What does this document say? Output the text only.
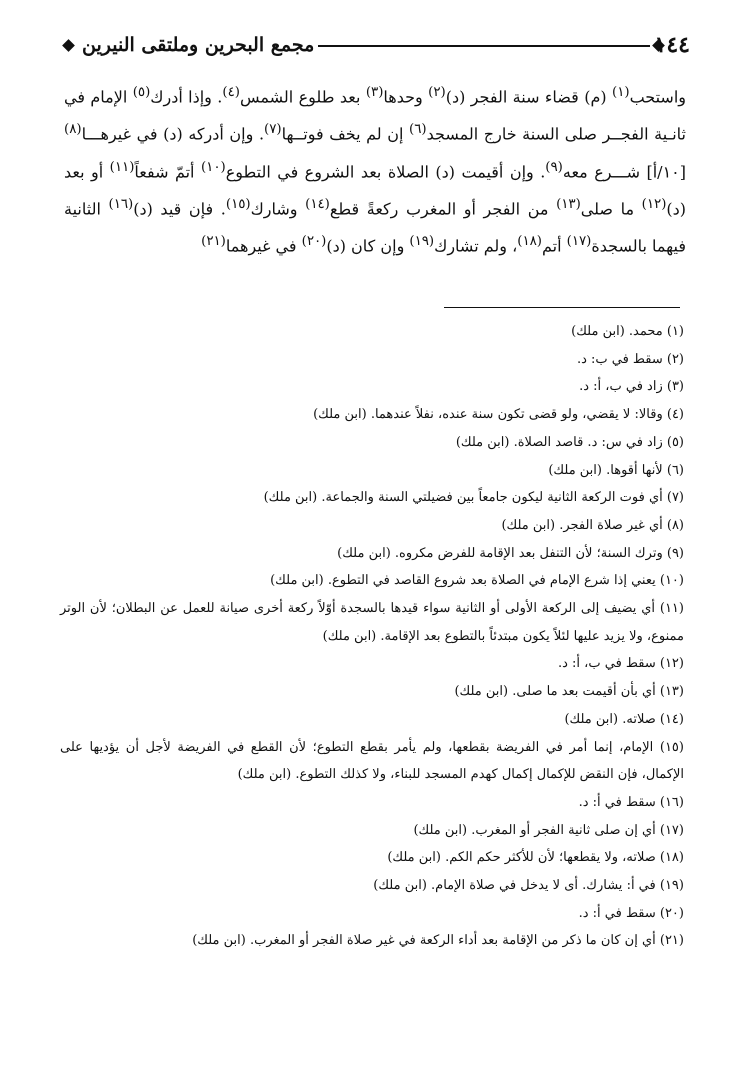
مجمع البحرين وملتقى النيرين	١٤٤

واستحب$^{(١)}$ (م) قضاء سنة الفجر (د)$^{(٢)}$ وحدها$^{(٣)}$ بعد طلوع الشمس$^{(٤)}$. وإذا أدرك$^{(٥)}$ الإمام في ثانـية الفجــر صلى السنة خارج المسجد$^{(٦)}$ إن لم يخف فوتــها$^{(٧)}$. وإن أدركه (د) في غيرهـــا$^{(٨)}$ [١٠/أ] شـــرع معه$^{(٩)}$. وإن أقيمت (د) الصلاة بعد الشروع في التطوع$^{(١٠)}$ أتمّ شفعاً$^{(١١)}$ أو بعد (د)$^{(١٢)}$ ما صلى$^{(١٣)}$ من الفجر أو المغرب ركعةً قطع$^{(١٤)}$ وشارك$^{(١٥)}$. فإن قيد (د)$^{(١٦)}$ الثانية فيهما بالسجدة$^{(١٧)}$ أتم$^{(١٨)}$، ولم تشارك$^{(١٩)}$ وإن كان (د)$^{(٢٠)}$ في غيرهما$^{(٢١)}$

(١) محمد. (ابن ملك)
(٢) سقط في ب: د.
(٣) زاد في ب، أ: د.
(٤) وقالا: لا يقضي، ولو قضى تكون سنة عنده، نفلاً عندهما. (ابن ملك)
(٥) زاد في س: د. قاصد الصلاة. (ابن ملك)
(٦) لأنها أقوها. (ابن ملك)
(٧) أي فوت الركعة الثانية ليكون جامعاً بين فضيلتي السنة والجماعة. (ابن ملك)
(٨) أي غير صلاة الفجر. (ابن ملك)
(٩) وترك السنة؛ لأن التنفل بعد الإقامة للفرض مكروه. (ابن ملك)
(١٠) يعني إذا شرع الإمام في الصلاة بعد شروع القاصد في التطوع. (ابن ملك)
(١١) أي يضيف إلى الركعة الأولى أو الثانية سواء قيدها بالسجدة أوّلاً ركعة أخرى صيانة للعمل عن البطلان؛ لأن الوتر ممنوع، ولا يزيد عليها لئلاً يكون مبتدئاً بالتطوع بعد الإقامة. (ابن ملك)
(١٢) سقط في ب، أ: د.
(١٣) أي بأن أقيمت بعد ما صلى. (ابن ملك)
(١٤) صلاته. (ابن ملك)
(١٥) الإمام، إنما أمر في الفريضة بقطعها، ولم يأمر بقطع التطوع؛ لأن القطع في الفريضة لأجل أن يؤديها على الإكمال، فإن النقض للإكمال إكمال كهدم المسجد للبناء، ولا كذلك التطوع. (ابن ملك)
(١٦) سقط في أ: د.
(١٧) أي إن صلى ثانية الفجر أو المغرب. (ابن ملك)
(١٨) صلاته، ولا يقطعها؛ لأن للأكثر حكم الكم. (ابن ملك)
(١٩) في أ: يشارك. أى لا يدخل في صلاة الإمام. (ابن ملك)
(٢٠) سقط في أ: د.
(٢١) أي إن كان ما ذكر من الإقامة بعد أداء الركعة في غير صلاة الفجر أو المغرب. (ابن ملك)
